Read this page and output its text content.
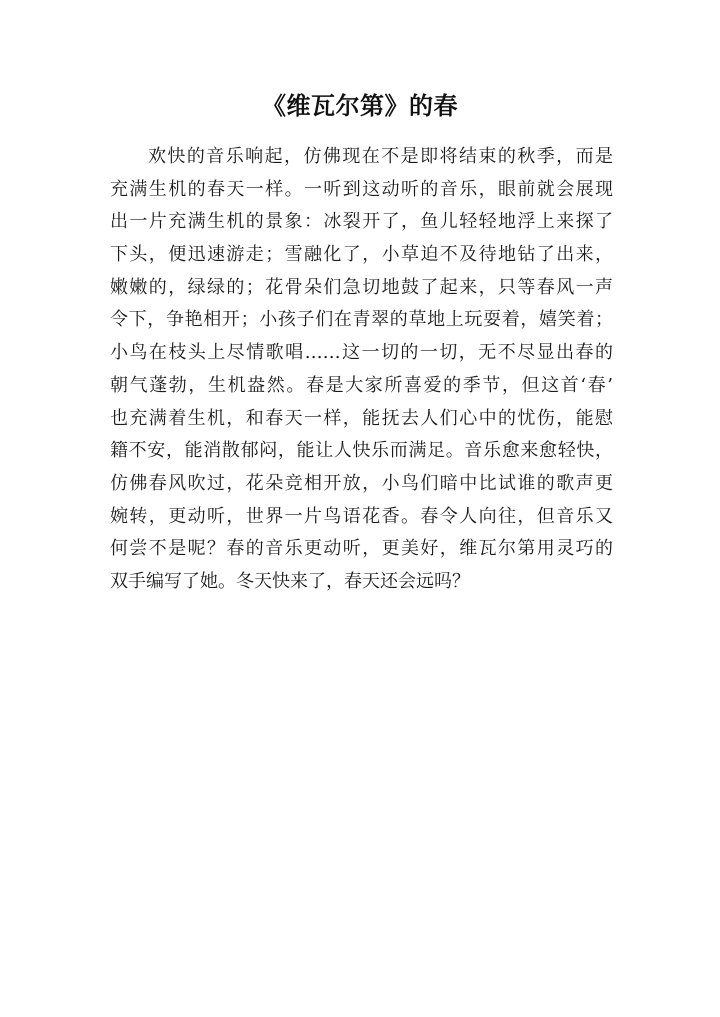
《维瓦尔第》的春
欢快的音乐响起，仿佛现在不是即将结束的秋季，而是
充满生机的春天一样。一听到这动听的音乐，眼前就会展现
出一片充满生机的景象：冰裂开了，鱼儿轻轻地浮上来探了
下头，便迅速游走；雪融化了，小草迫不及待地钻了出来，
嫩嫩的，绿绿的；花骨朵们急切地鼓了起来，只等春风一声
令下，争艳相开；小孩子们在青翠的草地上玩耍着，嬉笑着；
小鸟在枝头上尽情歌唱……这一切的一切，无不尽显出春的
朝气蓬勃，生机盎然。春是大家所喜爱的季节，但这首‘春’
也充满着生机，和春天一样，能抚去人们心中的忧伤，能慰
籍不安，能消散郁闷，能让人快乐而满足。音乐愈来愈轻快，
仿佛春风吹过，花朵竞相开放，小鸟们暗中比试谁的歌声更
婉转，更动听，世界一片鸟语花香。春令人向往，但音乐又
何尝不是呢？春的音乐更动听，更美好，维瓦尔第用灵巧的
双手编写了她。冬天快来了，春天还会远吗？
